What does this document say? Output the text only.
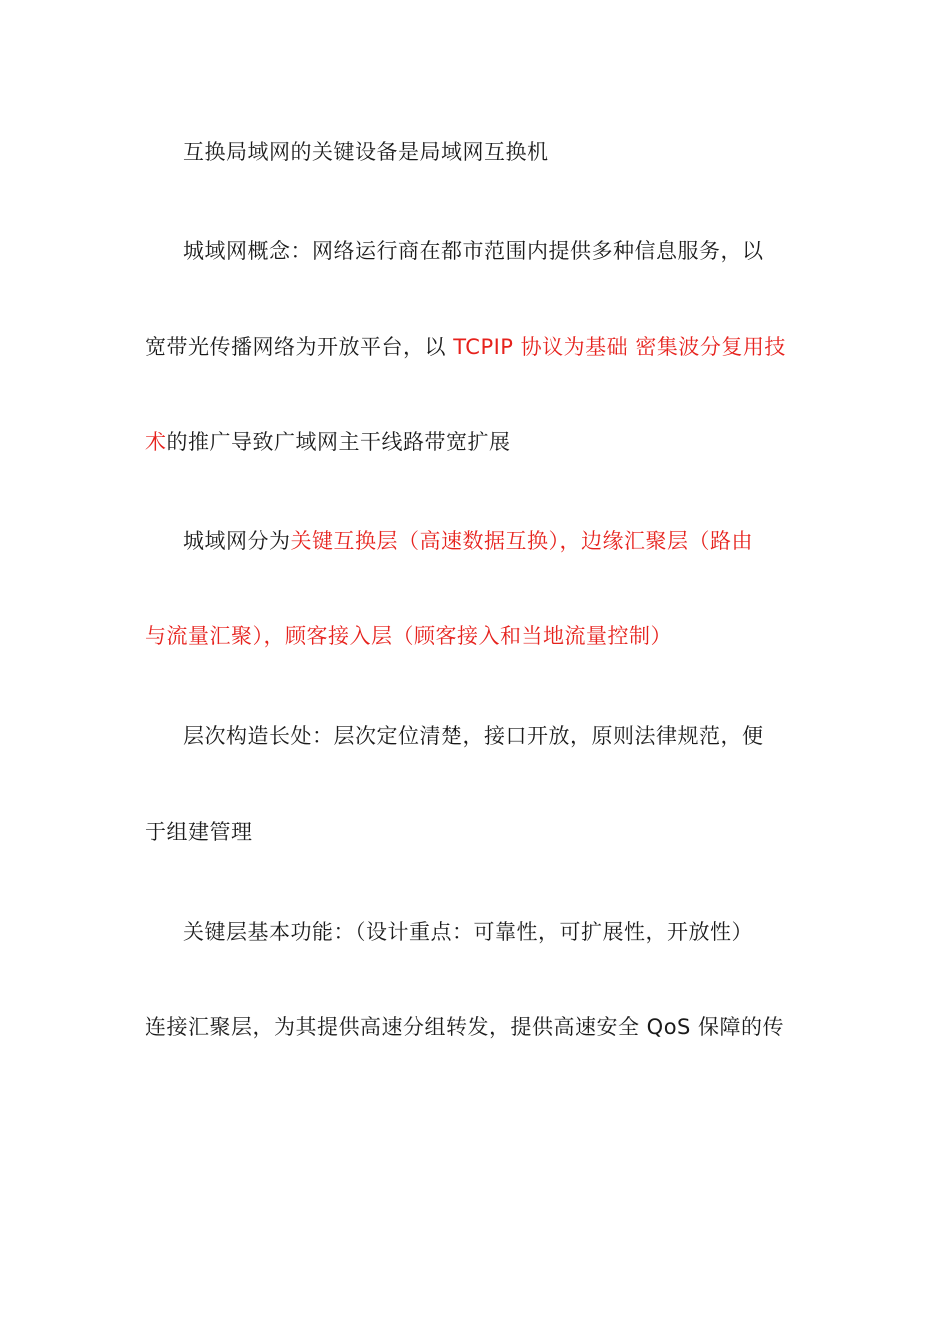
互换局域网的关键设备是局域网互换机
城域网概念：网络运行商在都市范围内提供多种信息服务，以
宽带光传播网络为开放平台，以 TCPIP 协议为基础 密集波分复用技
术的推广导致广域网主干线路带宽扩展
城域网分为关键互换层（高速数据互换），边缘汇聚层（路由
与流量汇聚），顾客接入层（顾客接入和当地流量控制）
层次构造长处：层次定位清楚，接口开放，原则法律规范，便
于组建管理
关键层基本功能：（设计重点：可靠性，可扩展性，开放性）
连接汇聚层，为其提供高速分组转发，提供高速安全 QoS 保障的传
